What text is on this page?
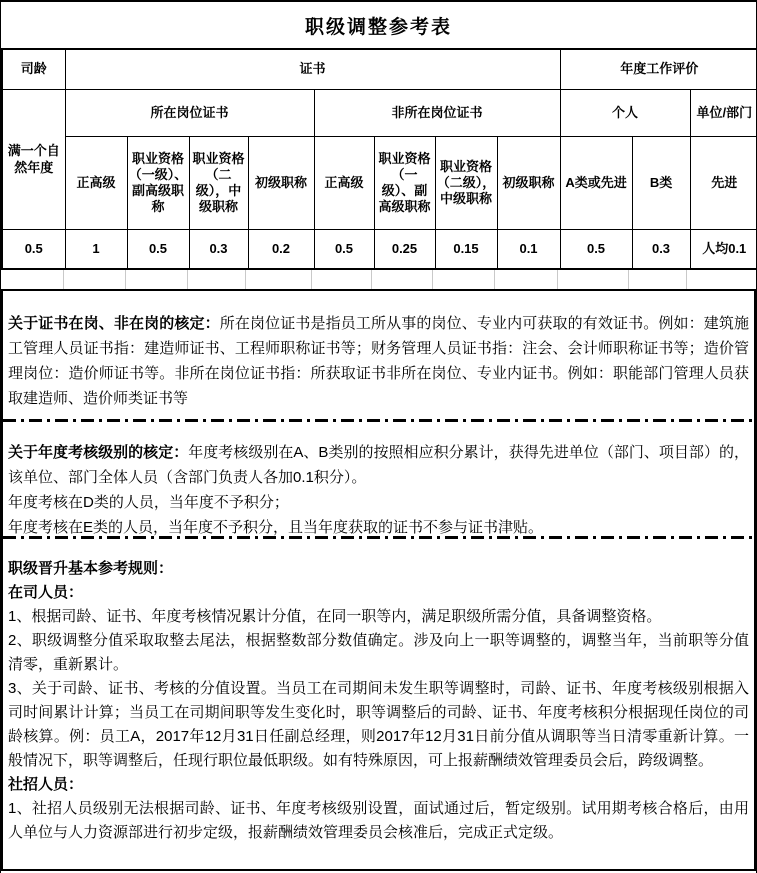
职级调整参考表
司龄	证书								年度工作评价		
满一个自然年度	所在岗位证书				非所在岗位证书				个人		单位/部门
	正高级	职业资格（一级）、副高级职称	职业资格（二级），中级职称	初级职称	正高级	职业资格（一级）、副高级职称	职业资格（二级），中级职称	初级职称	A类或先进	B类	先进
0.5	1	0.5	0.3	0.2	0.5	0.25	0.15	0.1	0.5	0.3	人均0.1

关于证书在岗、非在岗的核定：所在岗位证书是指员工所从事的岗位、专业内可获取的有效证书。例如：建筑施工管理人员证书指：建造师证书、工程师职称证书等；财务管理人员证书指：注会、会计师职称证书等；造价管理岗位：造价师证书等。非所在岗位证书指：所获取证书非所在岗位、专业内证书。例如：职能部门管理人员获取建造师、造价师类证书等

关于年度考核级别的核定：年度考核级别在A、B类别的按照相应积分累计，获得先进单位（部门、项目部）的，该单位、部门全体人员（含部门负责人各加0.1积分）。

年度考核在D类的人员，当年度不予积分；

年度考核在E类的人员，当年度不予积分，且当年度获取的证书不参与证书津贴。

职级晋升基本参考规则：

在司人员：

1、根据司龄、证书、年度考核情况累计分值，在同一职等内，满足职级所需分值，具备调整资格。

2、职级调整分值采取取整去尾法，根据整数部分数值确定。涉及向上一职等调整的，调整当年，当前职等分值清零，重新累计。

3、关于司龄、证书、考核的分值设置。当员工在司期间未发生职等调整时，司龄、证书、年度考核级别根据入司时间累计计算；当员工在司期间职等发生变化时，职等调整后的司龄、证书、年度考核积分根据现任岗位的司龄核算。例：员工A，2017年12月31日任副总经理，则2017年12月31日前分值从调职等当日清零重新计算。一般情况下，职等调整后，任现行职位最低职级。如有特殊原因，可上报薪酬绩效管理委员会后，跨级调整。

社招人员：

1、社招人员级别无法根据司龄、证书、年度考核级别设置，面试通过后，暂定级别。试用期考核合格后，由用人单位与人力资源部进行初步定级，报薪酬绩效管理委员会核准后，完成正式定级。
